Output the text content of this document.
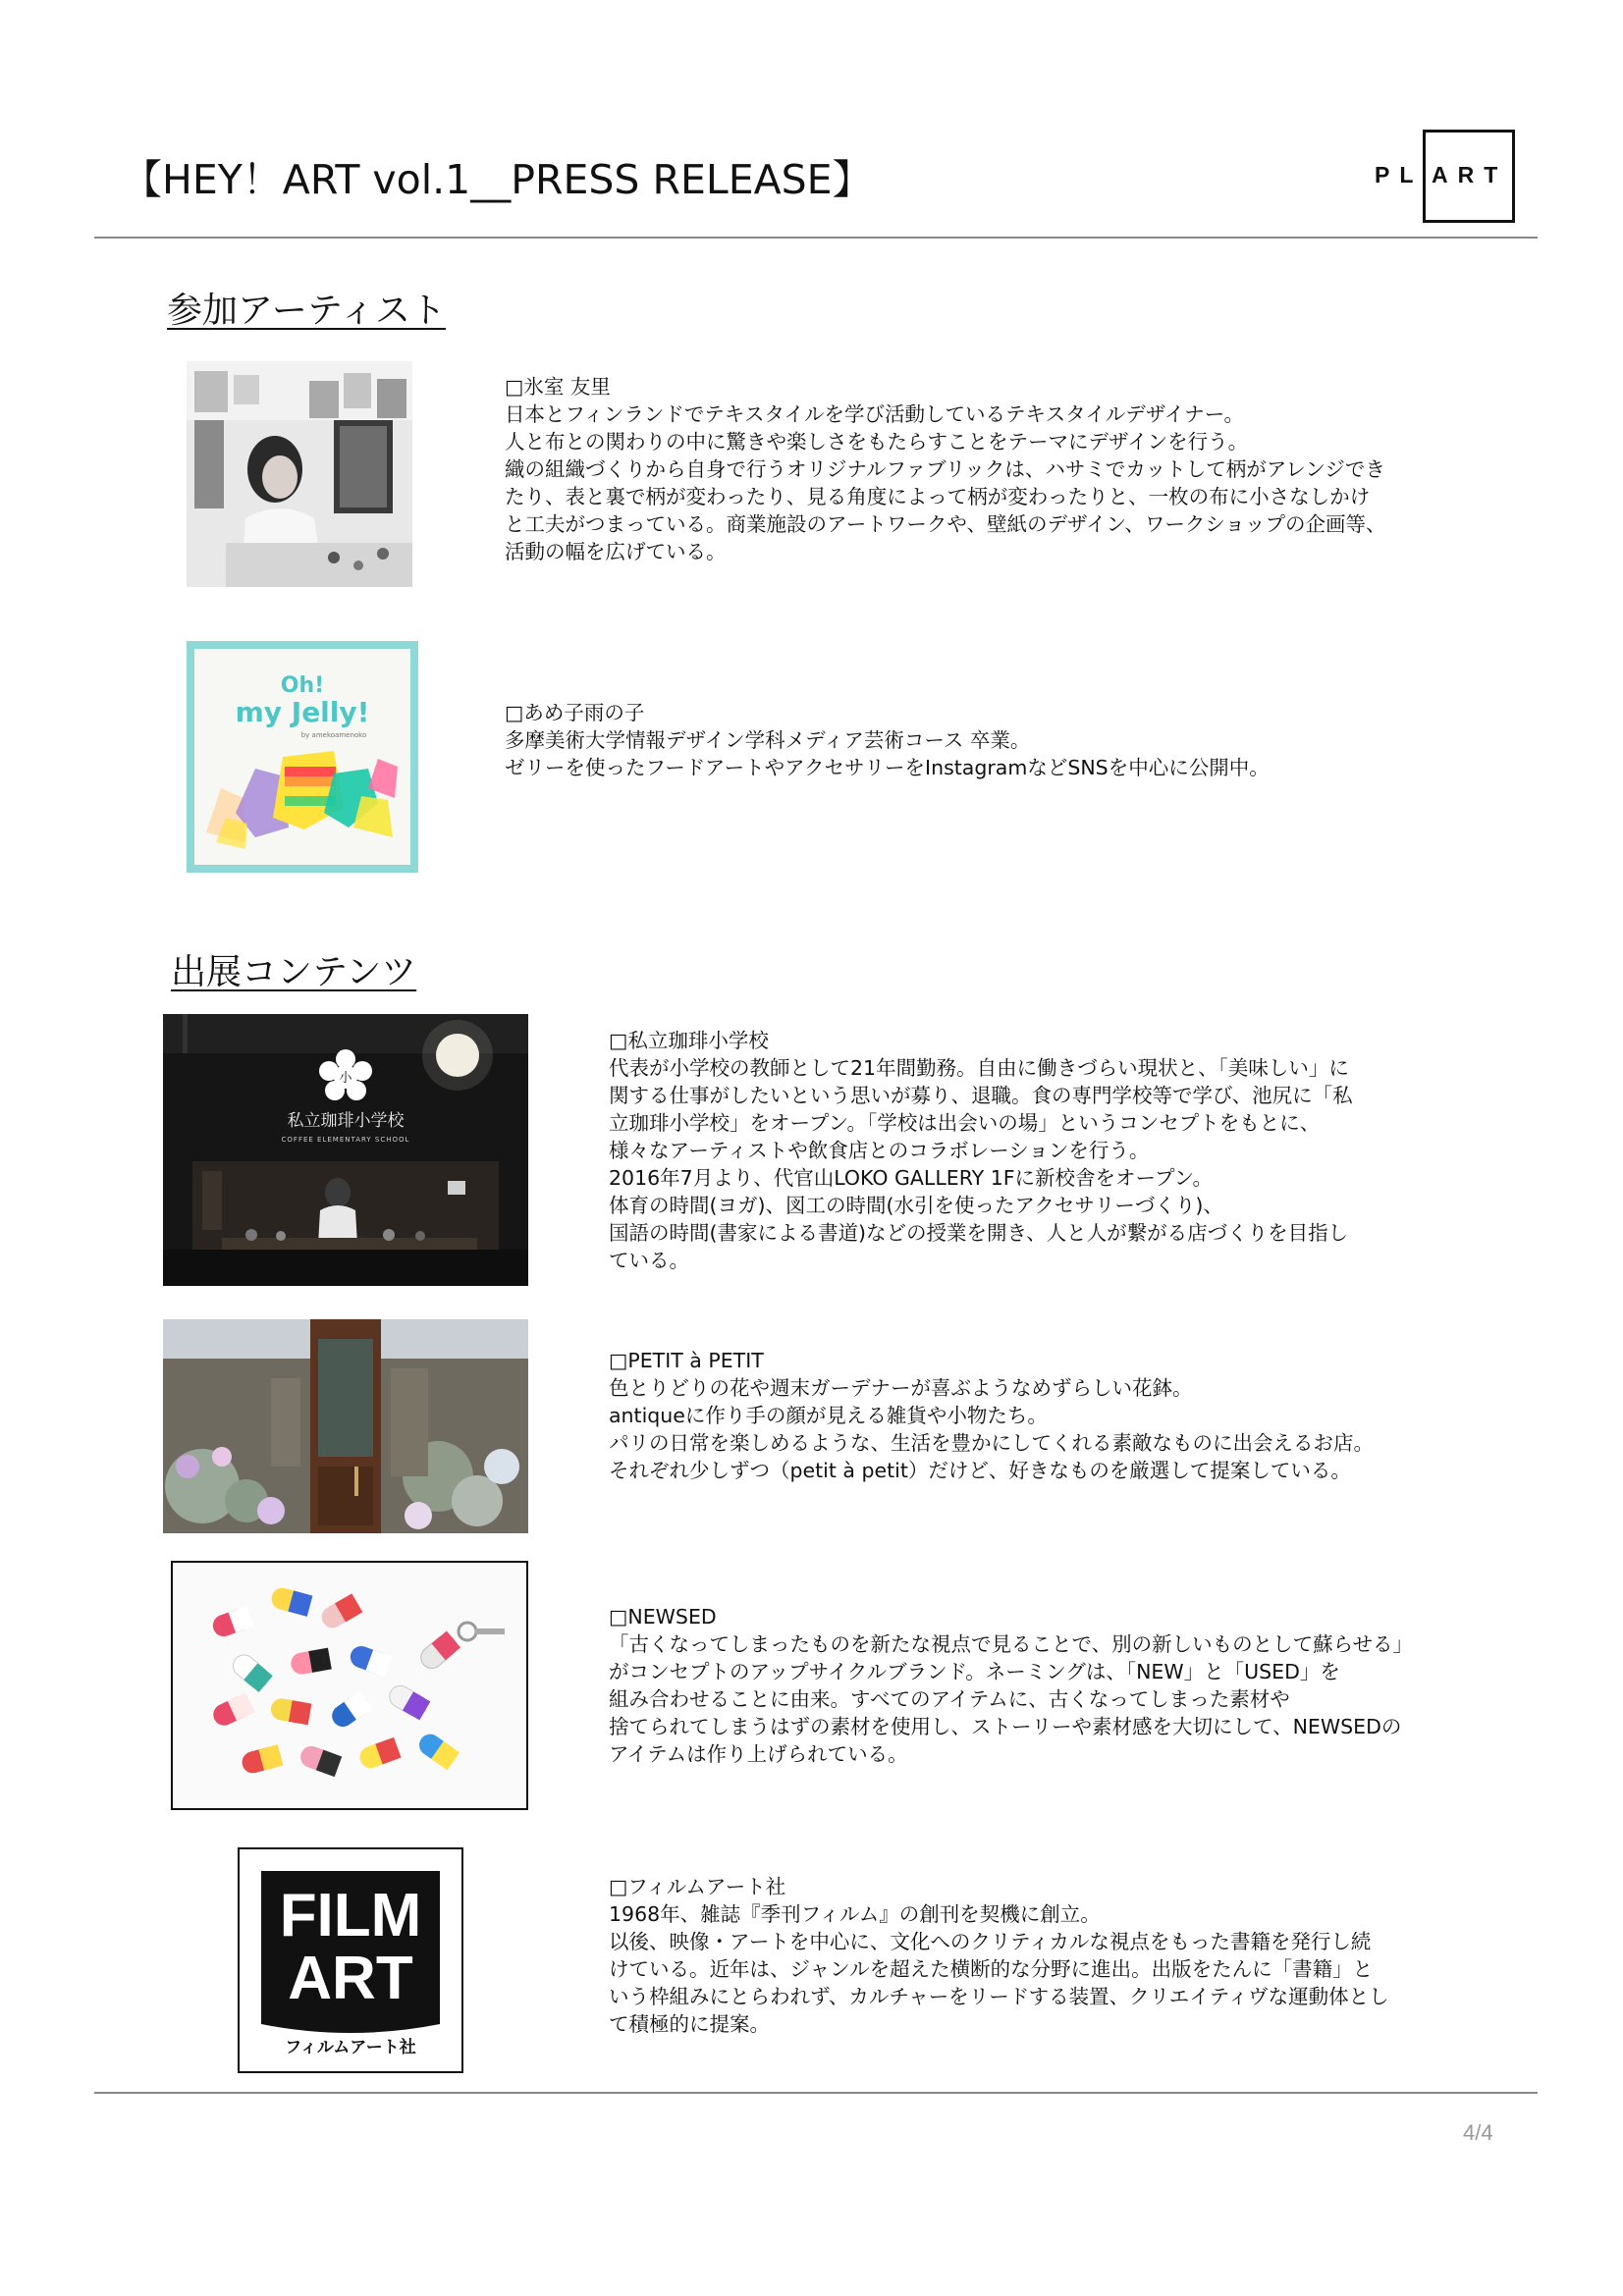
【HEY！ART vol.1__PRESS RELEASE】	PL ART
参加アーティスト

□氷室 友里

日本とフィンランドでテキスタイルを学び活動しているテキスタイルデザイナー。

人と布との関わりの中に驚きや楽しさをもたらすことをテーマにデザインを行う。

織の組織づくりから自身で行うオリジナルファブリックは、ハサミでカットして柄がアレンジでき

たり、表と裏で柄が変わったり、見る角度によって柄が変わったりと、一枚の布に小さなしかけ

と工夫がつまっている。商業施設のアートワークや、壁紙のデザイン、ワークショップの企画等、

活動の幅を広げている。

Oh!
my Jelly!
by amekoamenoko

□あめ子雨の子

多摩美術大学情報デザイン学科メディア芸術コース 卒業。

ゼリーを使ったフードアートやアクセサリーをInstagramなどSNSを中心に公開中。

出展コンテンツ
小
私立珈琲小学校
COFFEE ELEMENTARY SCHOOL

□私立珈琲小学校

代表が小学校の教師として21年間勤務。自由に働きづらい現状と、「美味しい」に

関する仕事がしたいという思いが募り、退職。食の専門学校等で学び、池尻に「私

立珈琲小学校」をオープン。「学校は出会いの場」というコンセプトをもとに、

様々なアーティストや飲食店とのコラボレーションを行う。

2016年7月より、代官山LOKO GALLERY 1Fに新校舎をオープン。

体育の時間(ヨガ)、図工の時間(水引を使ったアクセサリーづくり)、

国語の時間(書家による書道)などの授業を開き、人と人が繋がる店づくりを目指し

ている。

□PETIT à PETIT

色とりどりの花や週末ガーデナーが喜ぶようなめずらしい花鉢。

antiqueに作り手の顔が見える雑貨や小物たち。

パリの日常を楽しめるような、生活を豊かにしてくれる素敵なものに出会えるお店。

それぞれ少しずつ（petit à petit）だけど、好きなものを厳選して提案している。

□NEWSED

「古くなってしまったものを新たな視点で見ることで、別の新しいものとして蘇らせる」

がコンセプトのアップサイクルブランド。ネーミングは、「NEW」と「USED」を

組み合わせることに由来。すべてのアイテムに、古くなってしまった素材や

捨てられてしまうはずの素材を使用し、ストーリーや素材感を大切にして、NEWSEDの

アイテムは作り上げられている。

FILM
ART
フィルムアート社

□フィルムアート社

1968年、雑誌『季刊フィルム』の創刊を契機に創立。

以後、映像・アートを中心に、文化へのクリティカルな視点をもった書籍を発行し続

けている。近年は、ジャンルを超えた横断的な分野に進出。出版をたんに「書籍」と

いう枠組みにとらわれず、カルチャーをリードする装置、クリエイティヴな運動体とし

て積極的に提案。

4/4
